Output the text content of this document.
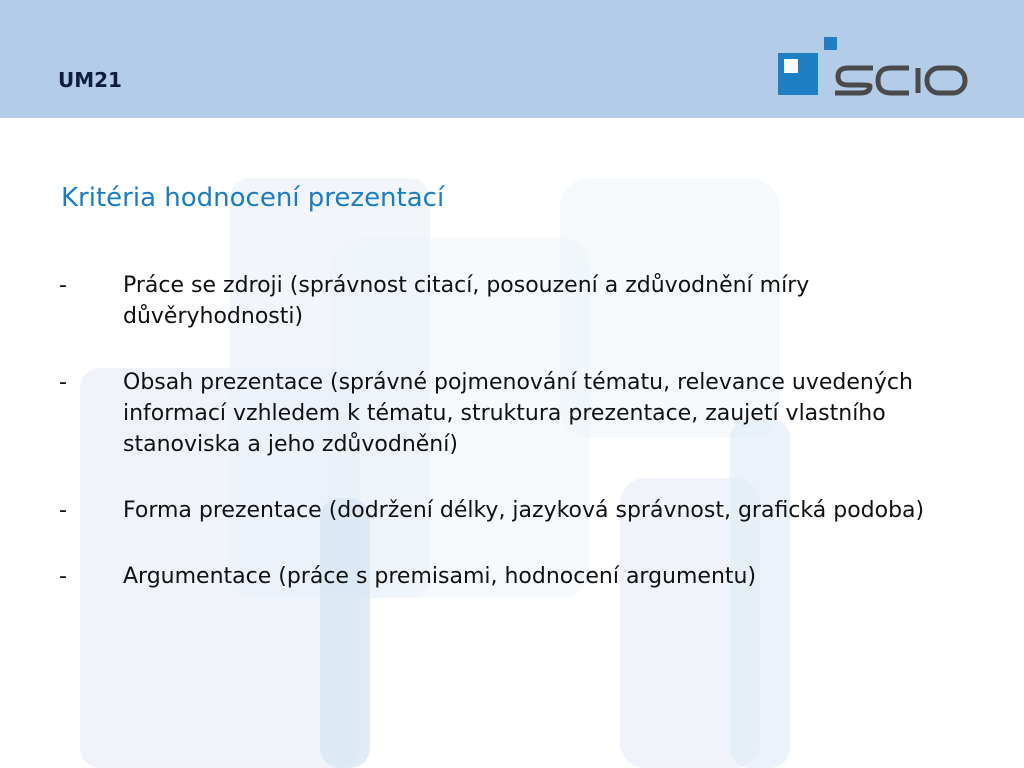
UM21
Kritéria hodnocení prezentací
-	Práce se zdroji (správnost citací, posouzení a zdůvodnění míry důvěryhodnosti)
-	Obsah prezentace (správné pojmenování tématu, relevance uvedených informací vzhledem k tématu, struktura prezentace, zaujetí vlastního stanoviska a jeho zdůvodnění)
-	Forma prezentace (dodržení délky, jazyková správnost, grafická podoba)
-	Argumentace (práce s premisami, hodnocení argumentu)
